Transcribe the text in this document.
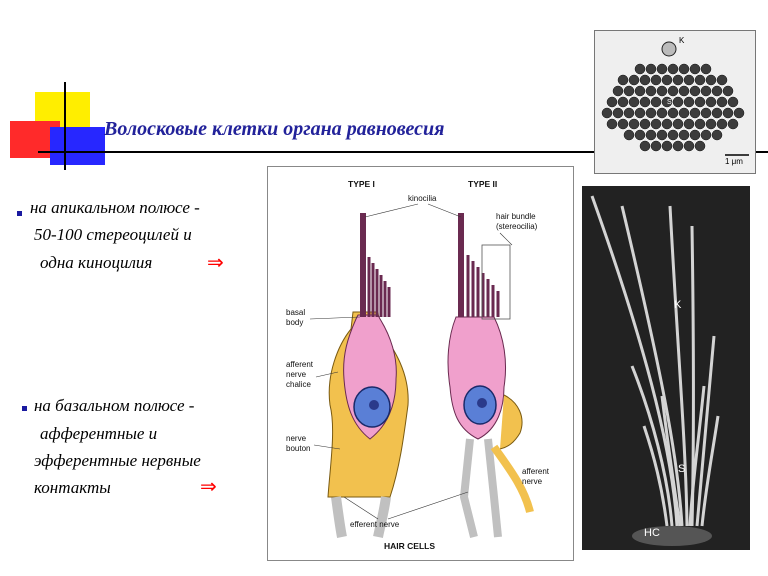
Волосковые клетки органа равновесия
на апикальном полюсе -
50-100 стереоцилей и
одна киноцилия	⇒
на базальном полюсе -
афферентные и
эфферентные нервные
контакты	⇒
TYPE I	TYPE II
kinocilia
hair bundle
(stereocilia)
basal
body
afferent
nerve
chalice
nerve
bouton
afferent
nerve
efferent nerve
HAIR CELLS
K
S
1 μm
K
S
HC
